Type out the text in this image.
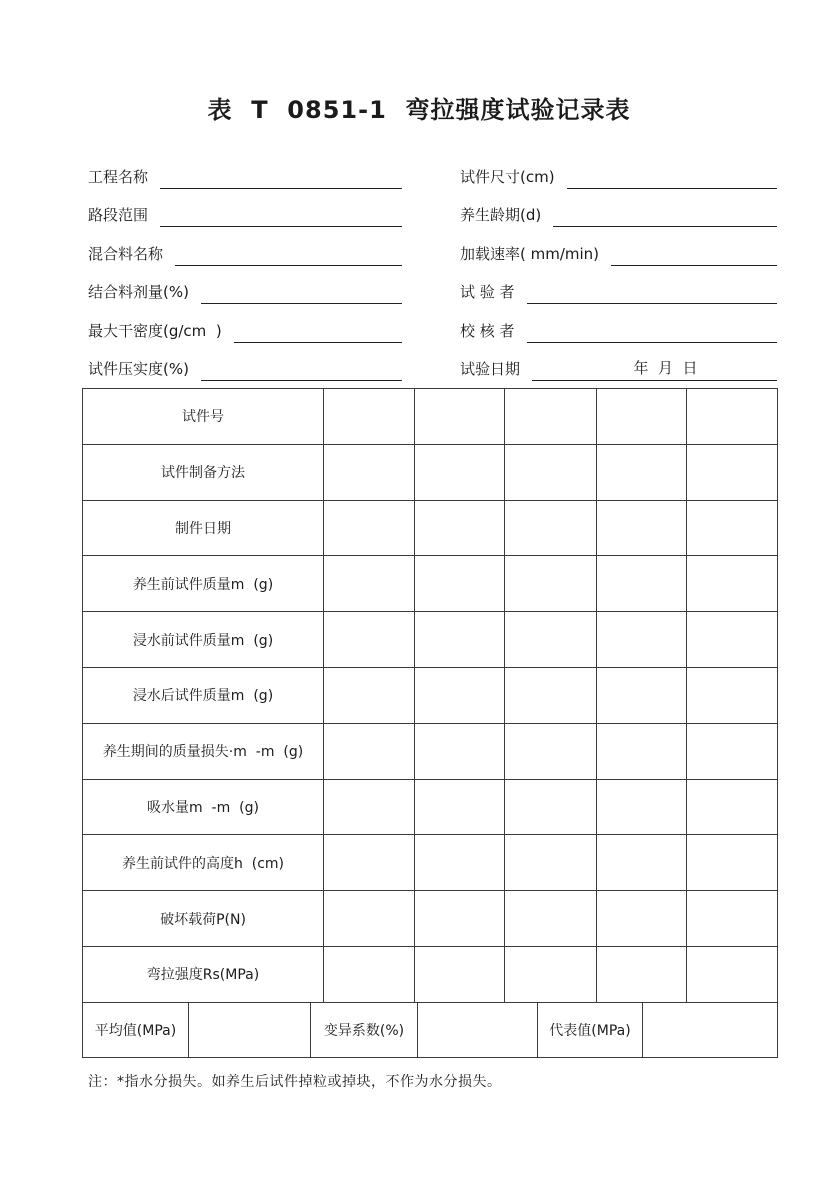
表  T  0851-1  弯拉强度试验记录表
工程名称
路段范围
混合料名称
结合料剂量(%)
最大干密度(g/cm  )
试件压实度(%)
试件尺寸(cm)
养生龄期(d)
加载速率( mm/min)
试 验 者
校 核 者
试验日期	年  月  日
试件号					
试件制备方法					
制件日期					
养生前试件质量m  (g)					
浸水前试件质量m  (g)					
浸水后试件质量m  (g)					
养生期间的质量损失·m  -m  (g)					
吸水量m  -m  (g)					
养生前试件的高度h  (cm)					
破坏载荷P(N)					
弯拉强度Rs(MPa)					
平均值(MPa)		变异系数(%)		代表值(MPa)	
注：*指水分损失。如养生后试件掉粒或掉块，不作为水分损失。
